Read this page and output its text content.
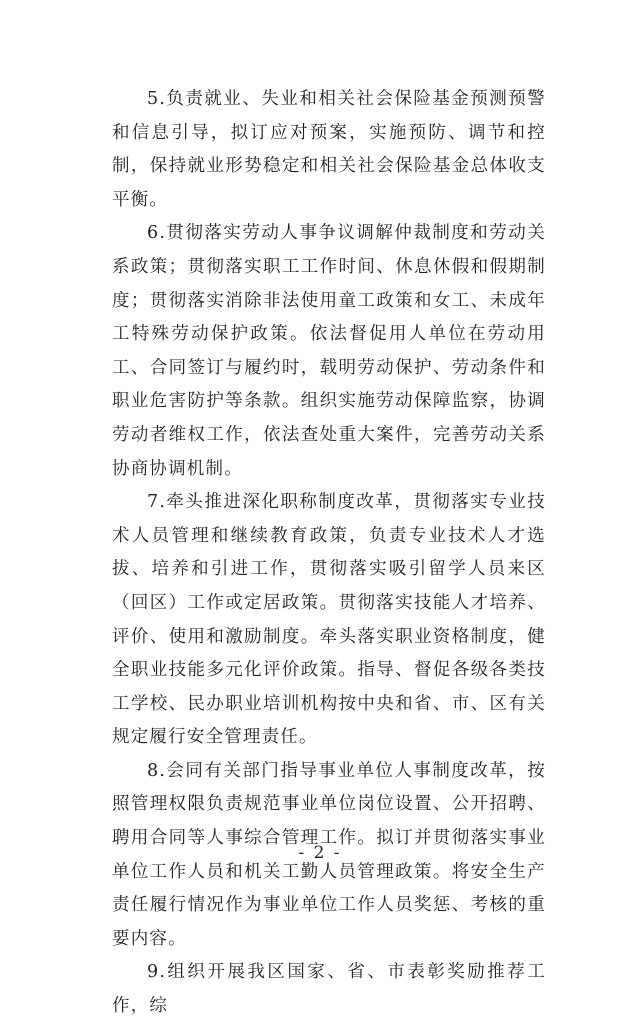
5.负责就业、失业和相关社会保险基金预测预警和信息引导，拟订应对预案，实施预防、调节和控制，保持就业形势稳定和相关社会保险基金总体收支平衡。

6.贯彻落实劳动人事争议调解仲裁制度和劳动关系政策；贯彻落实职工工作时间、休息休假和假期制度；贯彻落实消除非法使用童工政策和女工、未成年工特殊劳动保护政策。依法督促用人单位在劳动用工、合同签订与履约时，载明劳动保护、劳动条件和职业危害防护等条款。组织实施劳动保障监察，协调劳动者维权工作，依法查处重大案件，完善劳动关系协商协调机制。

7.牵头推进深化职称制度改革，贯彻落实专业技术人员管理和继续教育政策，负责专业技术人才选拔、培养和引进工作，贯彻落实吸引留学人员来区（回区）工作或定居政策。贯彻落实技能人才培养、评价、使用和激励制度。牵头落实职业资格制度，健全职业技能多元化评价政策。指导、督促各级各类技工学校、民办职业培训机构按中央和省、市、区有关规定履行安全管理责任。

8.会同有关部门指导事业单位人事制度改革，按照管理权限负责规范事业单位岗位设置、公开招聘、聘用合同等人事综合管理工作。拟订并贯彻落实事业单位工作人员和机关工勤人员管理政策。将安全生产责任履行情况作为事业单位工作人员奖惩、考核的重要内容。

9.组织开展我区国家、省、市表彰奖励推荐工作，综

- 2 -
